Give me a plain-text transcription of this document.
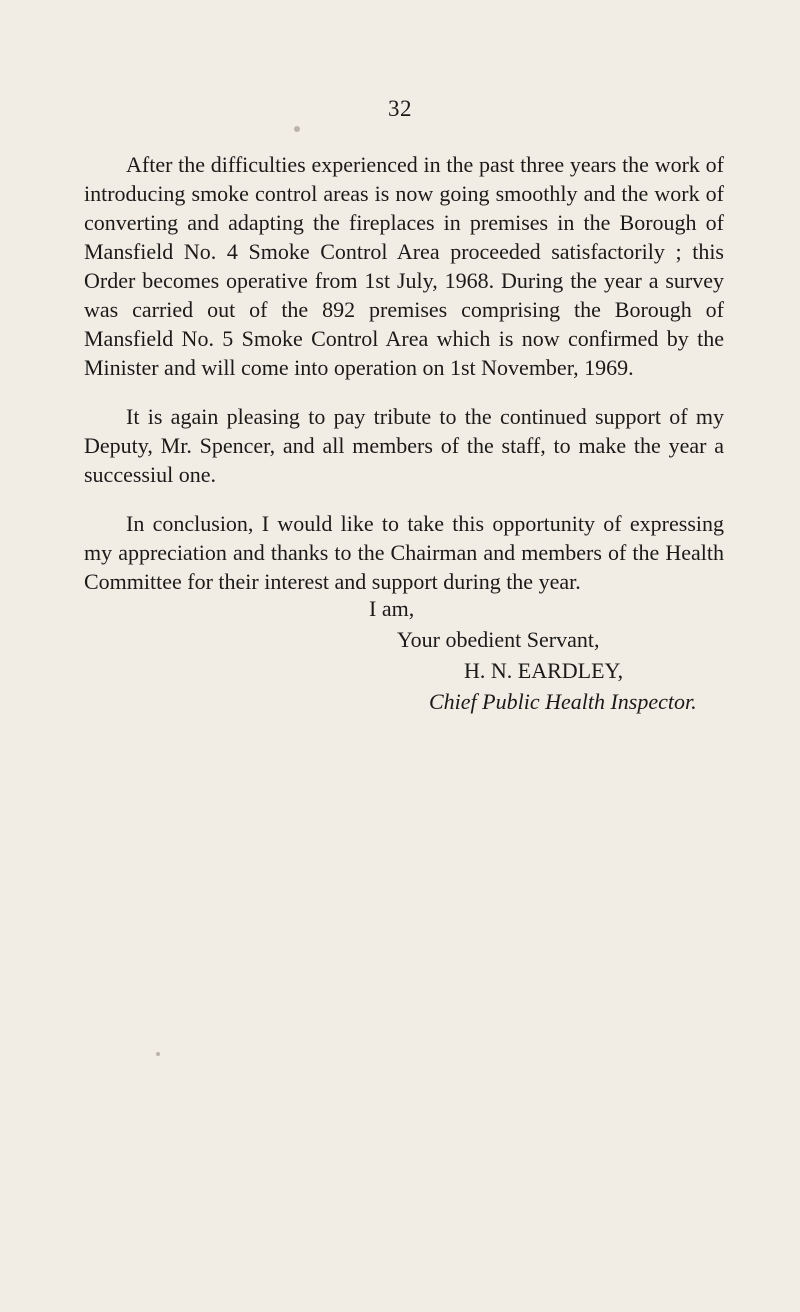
32

After the difficulties experienced in the past three years the work of introducing smoke control areas is now going smoothly and the work of converting and adapting the fireplaces in premises in the Borough of Mansfield No. 4 Smoke Control Area proceeded satisfactorily ; this Order becomes operative from 1st July, 1968. During the year a survey was carried out of the 892 premises comprising the Borough of Mansfield No. 5 Smoke Control Area which is now confirmed by the Minister and will come into operation on 1st November, 1969.

It is again pleasing to pay tribute to the continued support of my Deputy, Mr. Spencer, and all members of the staff, to make the year a successiul one.

In conclusion, I would like to take this opportunity of expressing my appreciation and thanks to the Chairman and members of the Health Committee for their interest and support during the year.

I am,
Your obedient Servant,
H. N. EARDLEY,
Chief Public Health Inspector.
